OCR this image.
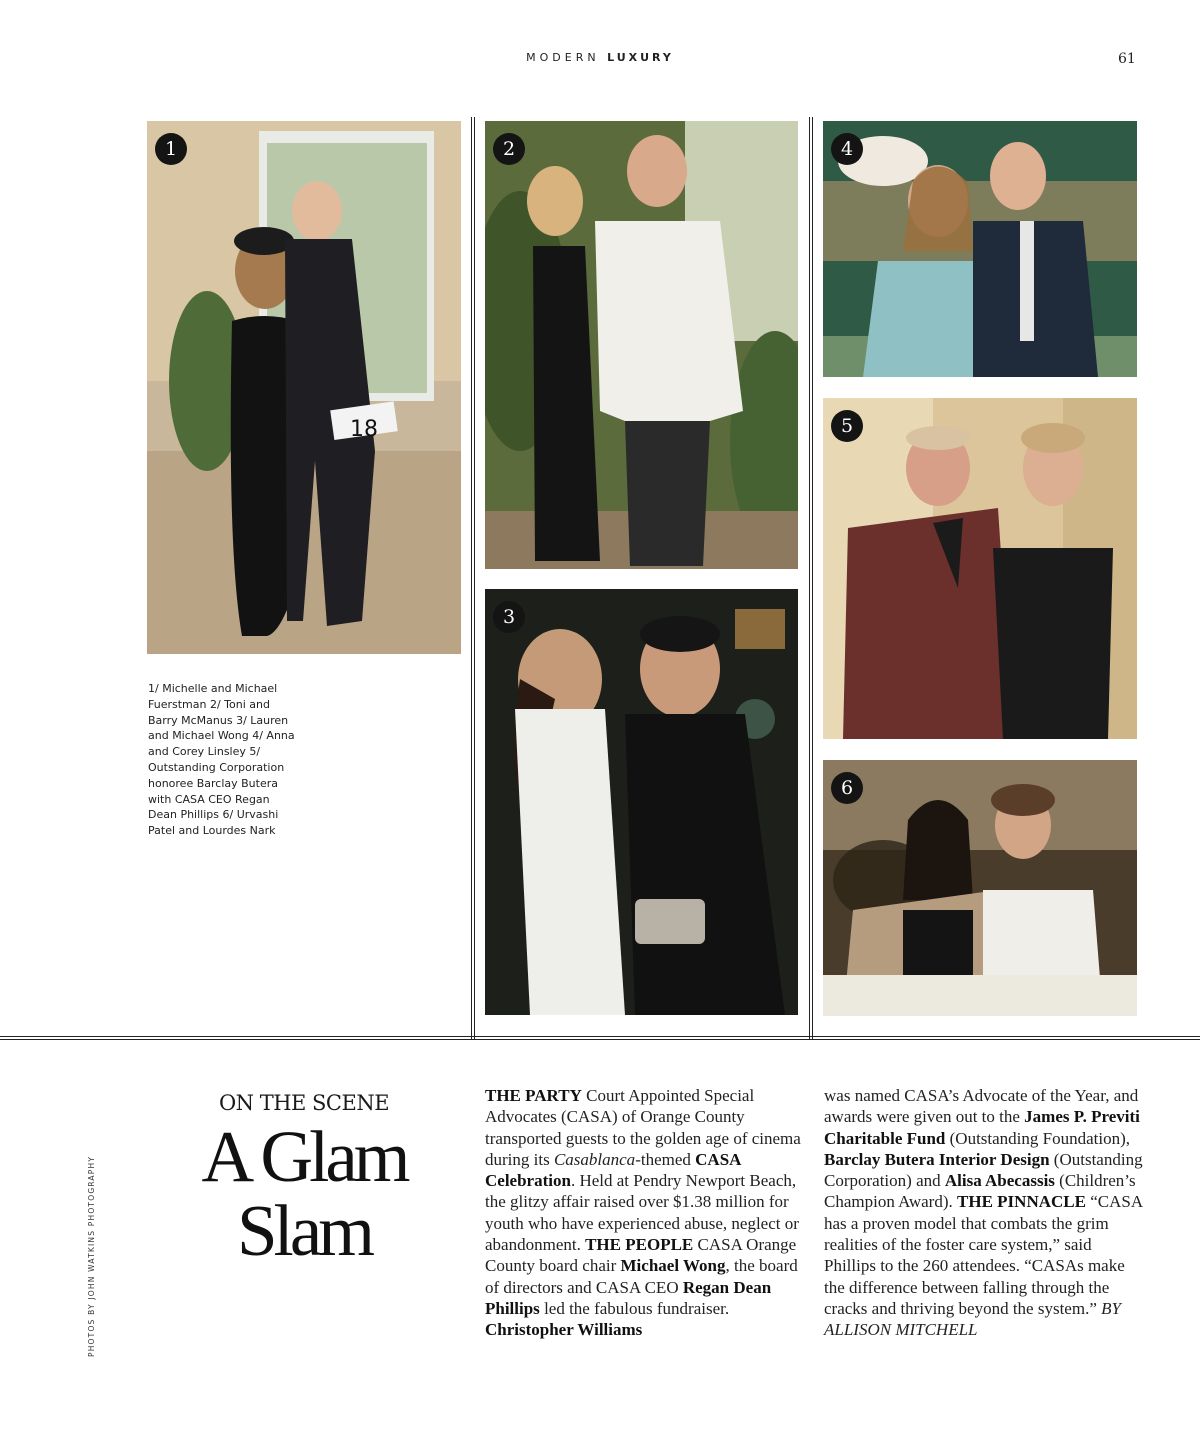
MODERN LUXURY	61
18
1	2
3
4
5
6
1/ Michelle and Michael Fuerstman 2/ Toni and Barry McManus 3/ Lauren and Michael Wong 4/ Anna and Corey Linsley 5/ Outstanding Corporation honoree Barclay Butera with CASA CEO Regan Dean Phillips 6/ Urvashi Patel and Lourdes Nark
ON THE SCENE
A Glam
Slam
PHOTOS BY JOHN WATKINS PHOTOGRAPHY
THE PARTY Court Appointed Special Advocates (CASA) of Orange County transported guests to the golden age of cinema during its Casablanca-themed CASA Celebration. Held at Pendry Newport Beach, the glitzy affair raised over $1.38 million for youth who have experienced abuse, neglect or abandonment. THE PEOPLE CASA Orange County board chair Michael Wong, the board of directors and CASA CEO Regan Dean Phillips led the fabulous fundraiser. Christopher Williams
was named CASA’s Advocate of the Year, and awards were given out to the James P. Previti Charitable Fund (Outstanding Foundation), Barclay Butera Interior Design (Outstanding Corporation) and Alisa Abecassis (Children’s Champion Award). THE PINNACLE “CASA has a proven model that combats the grim realities of the foster care system,” said Phillips to the 260 attendees. “CASAs make the difference between falling through the cracks and thriving beyond the system.” BY ALLISON MITCHELL
